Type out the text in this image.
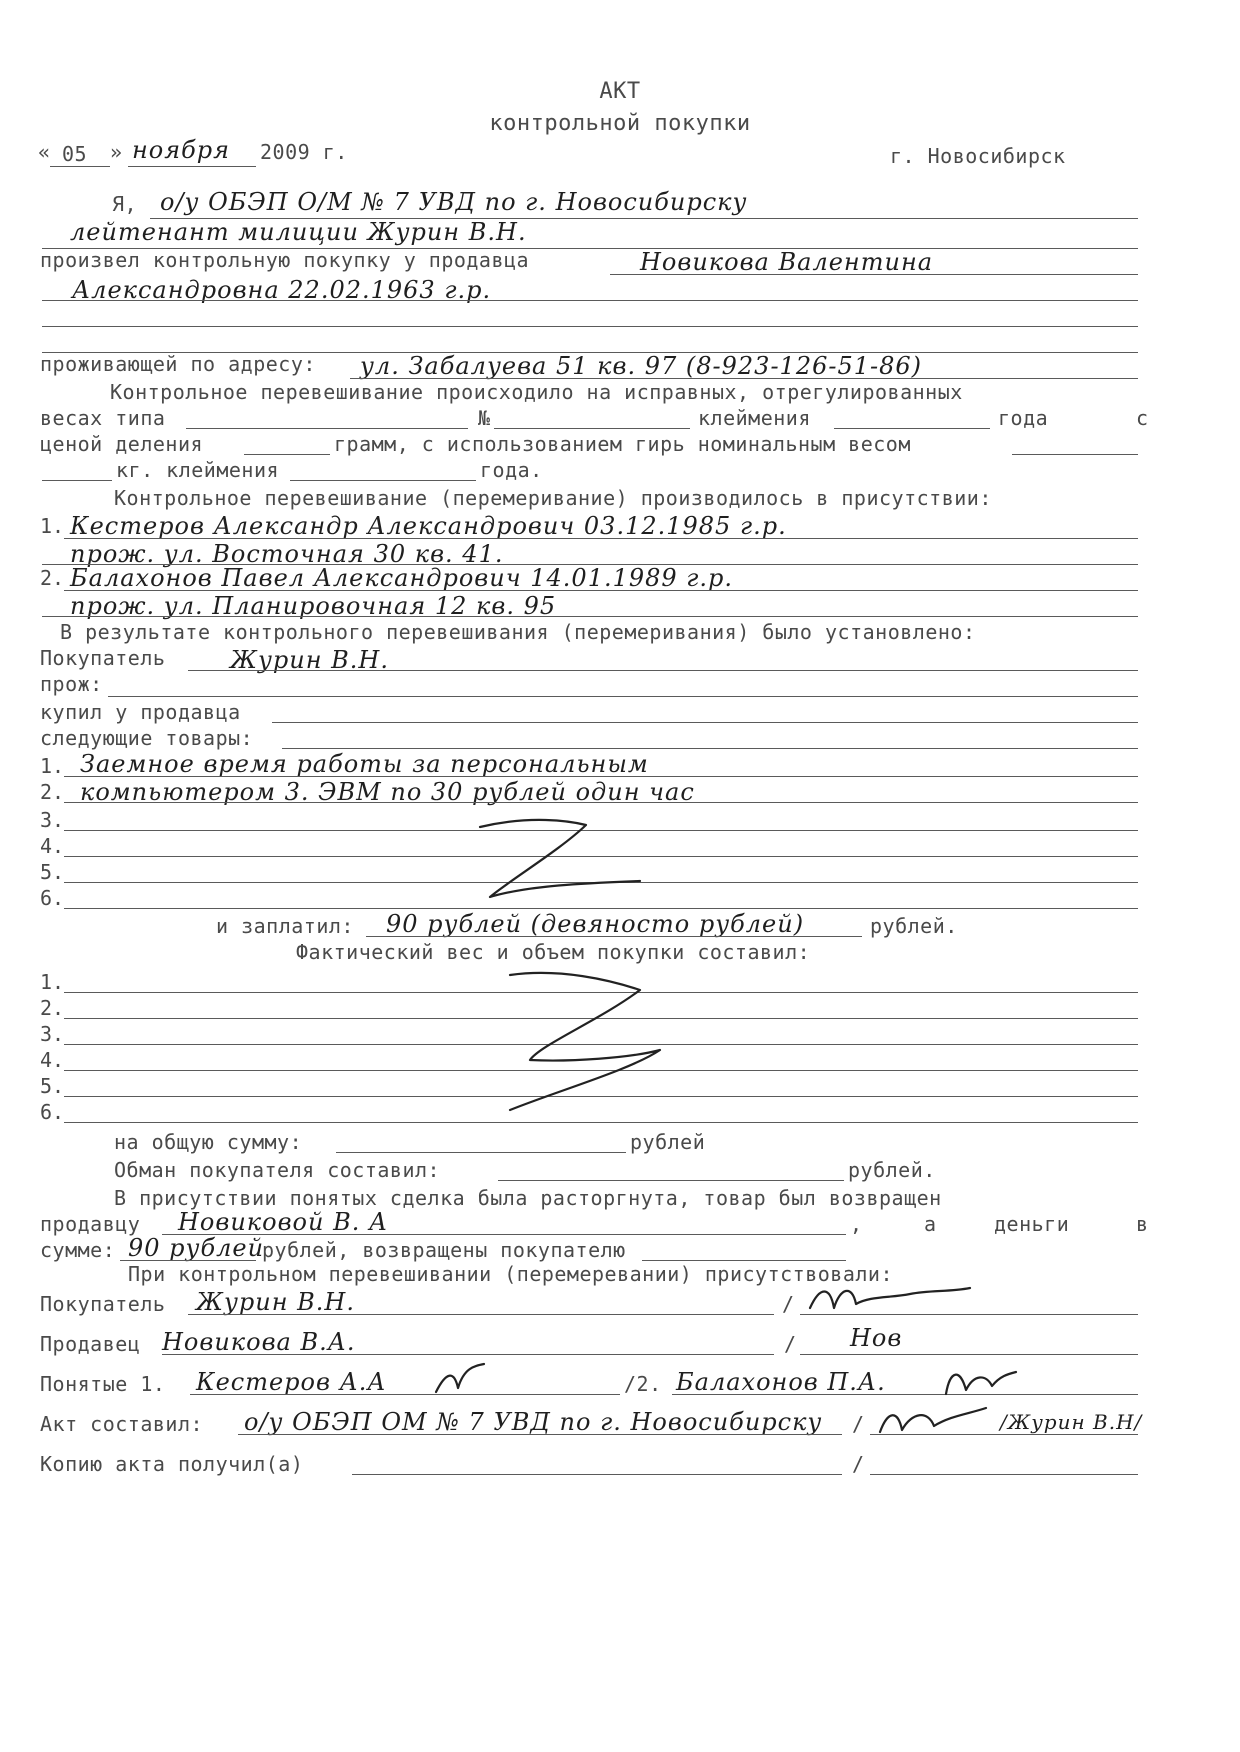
АКТ
контрольной покупки
« 05 » ноября 2009 г.	г. Новосибирск
Я, о/у ОБЭП О/М № 7 УВД по г. Новосибирску
лейтенант милиции Журин В.Н.
произвел контрольную покупку у продавца	Новикова Валентина
Александровна 22.02.1963 г.р.
проживающей по адресу: ул. Забалуева 51 кв. 97 (8-923-126-51-86)
Контрольное перевешивание происходило на исправных, отрегулированных
весах типа	№	клеймения	года	с
ценой деления	грамм, с использованием гирь номинальным весом
кг. клеймения	года.
Контрольное перевешивание (перемеривание) производилось в присутствии:
1. Кестеров Александр Александрович 03.12.1985 г.р.
прож. ул. Восточная 30 кв. 41.
2. Балахонов Павел Александрович 14.01.1989 г.р.
прож. ул. Планировочная 12 кв. 95
В результате контрольного перевешивания (перемеривания) было установлено:
Покупатель	Журин В.Н.
прож:
купил у продавца
следующие товары:
1.
2.
3.
4.
5.
6.
Заемное время работы за персональным
компьютером 3. ЭВМ по 30 рублей один час
и заплатил: 90 рублей (девяносто рублей)	рублей.
Фактический вес и объем покупки составил:
1.
2.
3.
4.
5.
6.
на общую сумму:	рублей
Обман покупателя составил:	рублей.
В присутствии понятых сделка была расторгнута, товар был возвращен
продавцу Новиковой В. А	,	а	деньги	в
сумме: 90 рублей
рублей, возвращены покупателю
При контрольном перевешивании (перемеревании) присутствовали:
Покупатель Журин В.Н.	/
Продавец Новикова В.А.	/ Нов
Понятые 1. Кестеров А.А	/2. Балахонов П.А.
Акт составил: о/у ОБЭП ОМ № 7 УВД по г. Новосибирску /	/Журин В.Н/
Копию акта получил(а)	/
